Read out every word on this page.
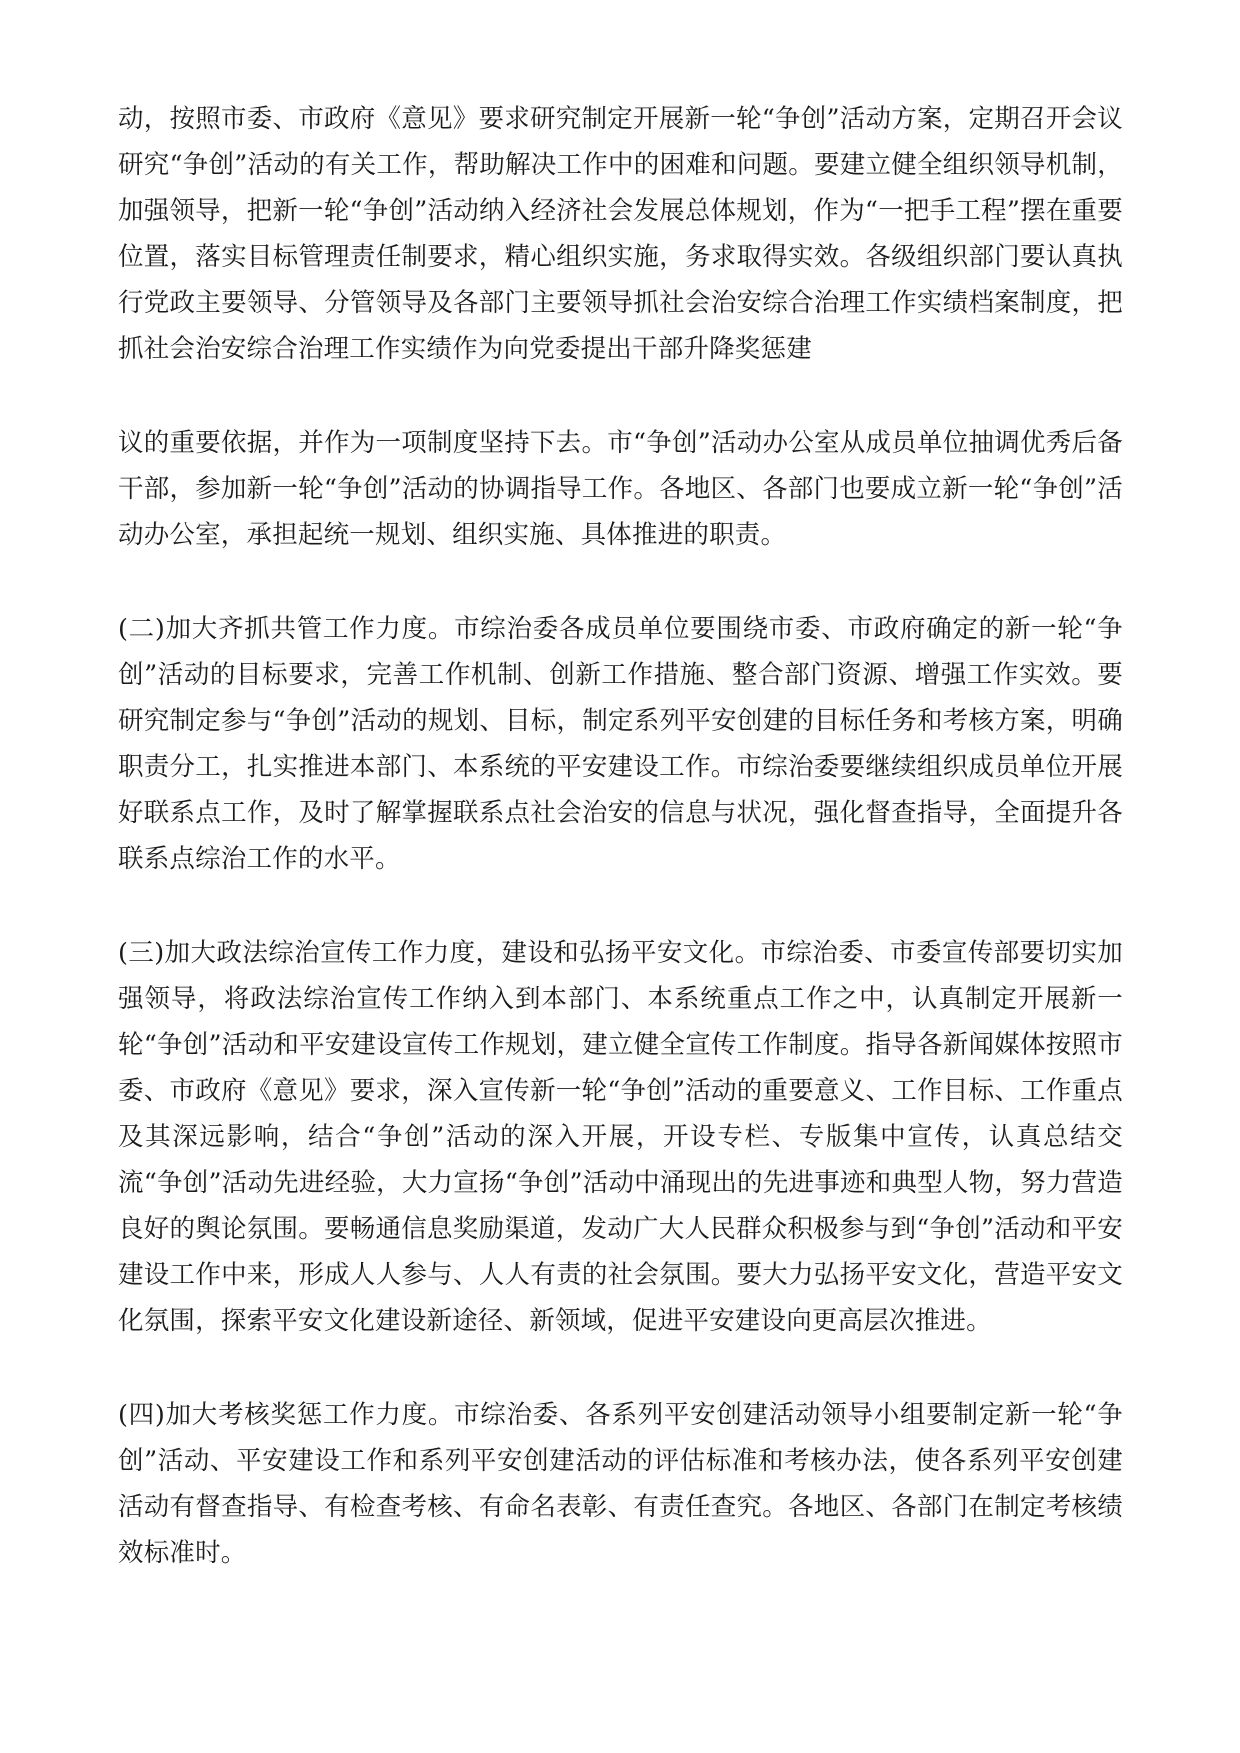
动，按照市委、市政府《意见》要求研究制定开展新一轮“争创”活动方案，定期召开会议研究“争创”活动的有关工作，帮助解决工作中的困难和问题。要建立健全组织领导机制，加强领导，把新一轮“争创”活动纳入经济社会发展总体规划，作为“一把手工程”摆在重要位置，落实目标管理责任制要求，精心组织实施，务求取得实效。各级组织部门要认真执行党政主要领导、分管领导及各部门主要领导抓社会治安综合治理工作实绩档案制度，把抓社会治安综合治理工作实绩作为向党委提出干部升降奖惩建

议的重要依据，并作为一项制度坚持下去。市“争创”活动办公室从成员单位抽调优秀后备干部，参加新一轮“争创”活动的协调指导工作。各地区、各部门也要成立新一轮“争创”活动办公室，承担起统一规划、组织实施、具体推进的职责。

(二)加大齐抓共管工作力度。市综治委各成员单位要围绕市委、市政府确定的新一轮“争创”活动的目标要求，完善工作机制、创新工作措施、整合部门资源、增强工作实效。要研究制定参与“争创”活动的规划、目标，制定系列平安创建的目标任务和考核方案，明确职责分工，扎实推进本部门、本系统的平安建设工作。市综治委要继续组织成员单位开展好联系点工作，及时了解掌握联系点社会治安的信息与状况，强化督查指导，全面提升各联系点综治工作的水平。

(三)加大政法综治宣传工作力度，建设和弘扬平安文化。市综治委、市委宣传部要切实加强领导，将政法综治宣传工作纳入到本部门、本系统重点工作之中，认真制定开展新一轮“争创”活动和平安建设宣传工作规划，建立健全宣传工作制度。指导各新闻媒体按照市委、市政府《意见》要求，深入宣传新一轮“争创”活动的重要意义、工作目标、工作重点及其深远影响，结合“争创”活动的深入开展，开设专栏、专版集中宣传，认真总结交流“争创”活动先进经验，大力宣扬“争创”活动中涌现出的先进事迹和典型人物，努力营造良好的舆论氛围。要畅通信息奖励渠道，发动广大人民群众积极参与到“争创”活动和平安建设工作中来，形成人人参与、人人有责的社会氛围。要大力弘扬平安文化，营造平安文化氛围，探索平安文化建设新途径、新领域，促进平安建设向更高层次推进。

(四)加大考核奖惩工作力度。市综治委、各系列平安创建活动领导小组要制定新一轮“争创”活动、平安建设工作和系列平安创建活动的评估标准和考核办法，使各系列平安创建活动有督查指导、有检查考核、有命名表彰、有责任查究。各地区、各部门在制定考核绩效标准时。
